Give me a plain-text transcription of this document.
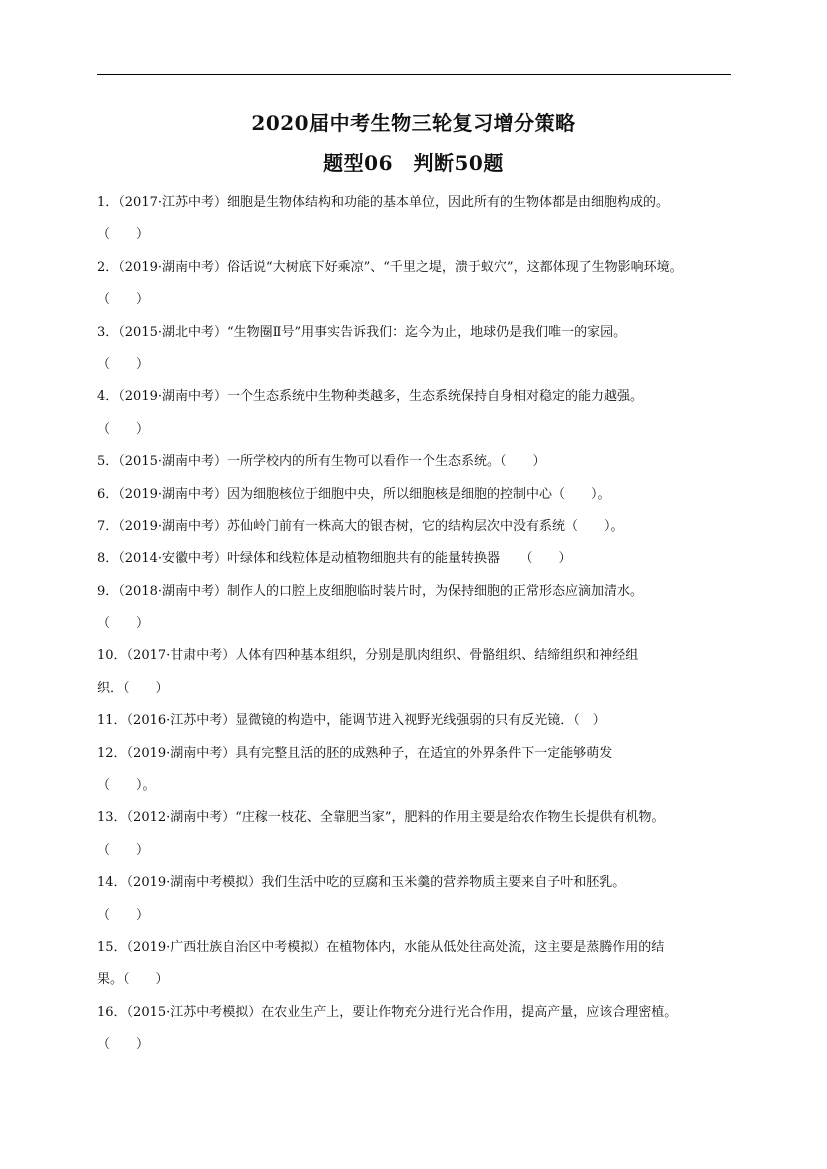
2020届中考生物三轮复习增分策略
题型06　判断50题
1．（2017·江苏中考）细胞是生物体结构和功能的基本单位，因此所有的生物体都是由细胞构成的。
（　　）
2．（2019·湖南中考）俗话说“大树底下好乘凉”、“千里之堤，溃于蚁穴”，这都体现了生物影响环境。
（　　）
3．（2015·湖北中考）“生物圈Ⅱ号”用事实告诉我们：迄今为止，地球仍是我们唯一的家园。
（　　）
4．（2019·湖南中考）一个生态系统中生物种类越多，生态系统保持自身相对稳定的能力越强。
（　　）
5．（2015·湖南中考）一所学校内的所有生物可以看作一个生态系统。（　　）
6．（2019·湖南中考）因为细胞核位于细胞中央，所以细胞核是细胞的控制中心（　　）。
7．（2019·湖南中考）苏仙岭门前有一株高大的银杏树，它的结构层次中没有系统（　　）。
8．（2014·安徽中考）叶绿体和线粒体是动植物细胞共有的能量转换器　　（　　）
9．（2018·湖南中考）制作人的口腔上皮细胞临时装片时，为保持细胞的正常形态应滴加清水。
（　　）
10．（2017·甘肃中考）人体有四种基本组织，分别是肌肉组织、骨骼组织、结缔组织和神经组
织．（　　）
11．（2016·江苏中考）显微镜的构造中，能调节进入视野光线强弱的只有反光镜．（　）
12．（2019·湖南中考）具有完整且活的胚的成熟种子，在适宜的外界条件下一定能够萌发
（　　）。
13．（2012·湖南中考）“庄稼一枝花、全靠肥当家”，肥料的作用主要是给农作物生长提供有机物。
（　　）
14．（2019·湖南中考模拟）我们生活中吃的豆腐和玉米羹的营养物质主要来自子叶和胚乳。
（　　）
15．（2019·广西壮族自治区中考模拟）在植物体内，水能从低处往高处流，这主要是蒸腾作用的结
果。（　　）
16．（2015·江苏中考模拟）在农业生产上，要让作物充分进行光合作用，提高产量，应该合理密植。
（　　）
